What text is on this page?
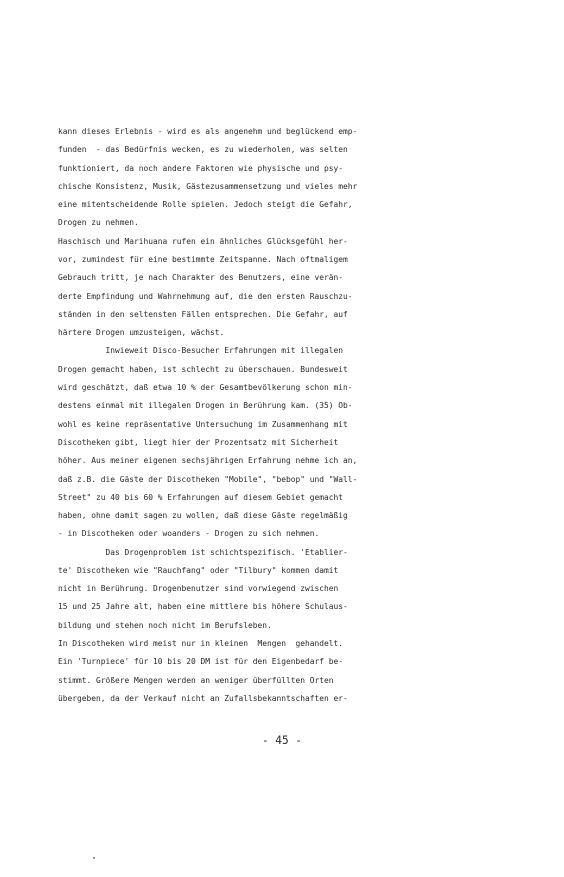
kann dieses Erlebnis - wird es als angenehm und beglückend emp-
funden  - das Bedürfnis wecken, es zu wiederholen, was selten
funktioniert, da noch andere Faktoren wie physische und psy-
chische Konsistenz, Musik, Gästezusammensetzung und vieles mehr
eine mitentscheidende Rolle spielen. Jedoch steigt die Gefahr,
Drogen zu nehmen.
Haschisch und Marihuana rufen ein ähnliches Glücksgefühl her-
vor, zumindest für eine bestimmte Zeitspanne. Nach oftmaligem
Gebrauch tritt, je nach Charakter des Benutzers, eine verän-
derte Empfindung und Wahrnehmung auf, die den ersten Rauschzu-
ständen in den seltensten Fällen entsprechen. Die Gefahr, auf
härtere Drogen umzusteigen, wächst.
Inwieweit Disco-Besucher Erfahrungen mit illegalen
Drogen gemacht haben, ist schlecht zu überschauen. Bundesweit
wird geschätzt, daß etwa 10 % der Gesamtbevölkerung schon min-
destens einmal mit illegalen Drogen in Berührung kam. (35) Ob-
wohl es keine repräsentative Untersuchung im Zusammenhang mit
Discotheken gibt, liegt hier der Prozentsatz mit Sicherheit
höher. Aus meiner eigenen sechsjährigen Erfahrung nehme ich an,
daß z.B. die Gäste der Discotheken "Mobile", "bebop" und "Wall-
Street" zu 40 bis 60 % Erfahrungen auf diesem Gebiet gemacht
haben, ohne damit sagen zu wollen, daß diese Gäste regelmäßig
- in Discotheken oder woanders - Drogen zu sich nehmen.
Das Drogenproblem ist schichtspezifisch. 'Etablier-
te' Discotheken wie "Rauchfang" oder "Tilbury" kommen damit
nicht in Berührung. Drogenbenutzer sind vorwiegend zwischen
15 und 25 Jahre alt, haben eine mittlere bis höhere Schulaus-
bildung und stehen noch nicht im Berufsleben.
In Discotheken wird meist nur in kleinen  Mengen  gehandelt.
Ein 'Turnpiece' für 10 bis 20 DM ist für den Eigenbedarf be-
stimmt. Größere Mengen werden an weniger überfüllten Orten
übergeben, da der Verkauf nicht an Zufallsbekanntschaften er-
- 45 -
